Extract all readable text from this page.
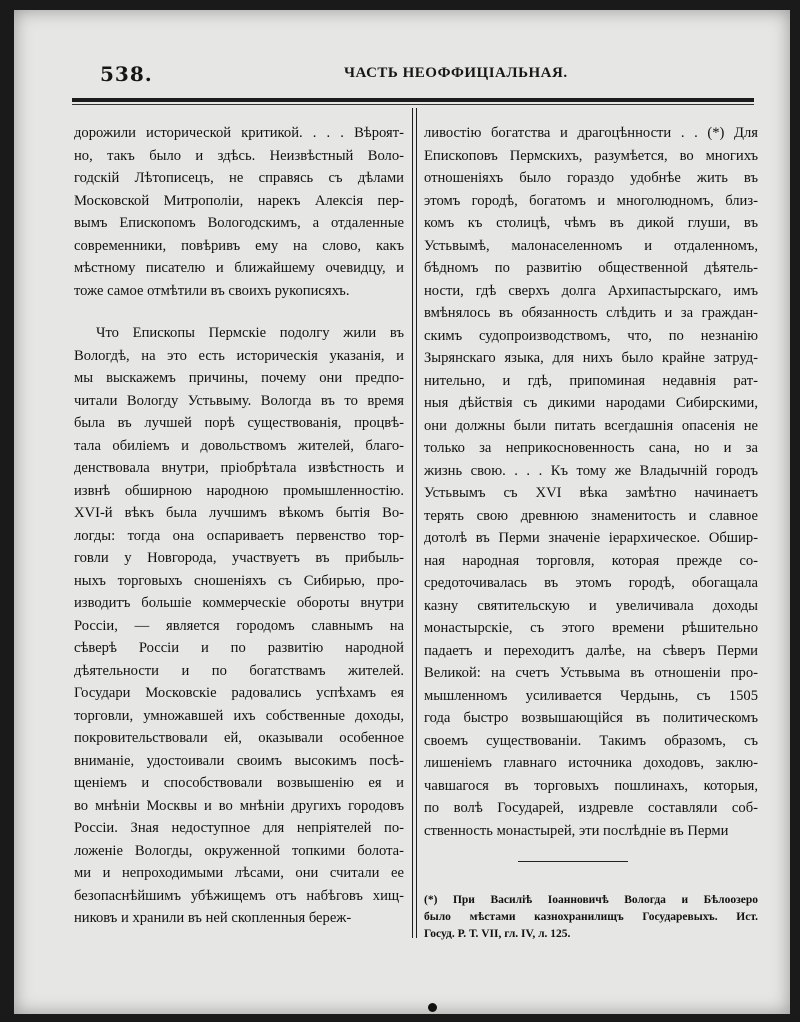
538.	ЧАСТЬ НЕОФФИЦІАЛЬНАЯ.
дорожили исторической критикой. . . . Вѣроят-
но, такъ было и здѣсь. Неизвѣстный Воло-
годскій Лѣтописецъ, не справясь съ дѣлами
Московской Митрополіи, нарекъ Алексія пер-
вымъ Епископомъ Вологодскимъ, а отдаленные
современники, повѣривъ ему на слово, какъ
мѣстному писателю и ближайшему очевидцу, и
тоже самое отмѣтили въ своихъ рукописяхъ.
Что Епископы Пермскіе подолгу жили въ
Вологдѣ, на это есть историческія указанія, и
мы выскажемъ причины, почему они предпо-
читали Вологду Устьвыму. Вологда въ то время
была въ лучшей порѣ существованія, процвѣ-
тала обиліемъ и довольствомъ жителей, благо-
денствовала внутри, пріобрѣтала извѣстность и
извнѣ обширною народною промышленностію.
XVI-й вѣкъ была лучшимъ вѣкомъ бытія Во-
логды: тогда она оспариваетъ первенство тор-
говли у Новгорода, участвуетъ въ прибыль-
ныхъ торговыхъ сношеніяхъ съ Сибирью, про-
изводитъ большіе коммерческіе обороты внутри
Россіи, — является городомъ славнымъ на
сѣверѣ Россіи и по развитію народной
дѣятельности и по богатствамъ жителей.
Государи Московскіе радовались успѣхамъ ея
торговли, умножавшей ихъ собственные доходы,
покровительствовали ей, оказывали особенное
вниманіе, удостоивали своимъ высокимъ посѣ-
щеніемъ и способствовали возвышенію ея и
во мнѣніи Москвы и во мнѣніи другихъ городовъ
Россіи. Зная недоступное для непріятелей по-
ложеніе Вологды, окруженной топкими болота-
ми и непроходимыми лѣсами, они считали ее
безопаснѣйшимъ убѣжищемъ отъ набѣговъ хищ-
никовъ и хранили въ ней скопленныя береж-
ливостію богатства и драгоцѣнности . . (*) Для
Епископовъ Пермскихъ, разумѣется, во многихъ
отношеніяхъ было гораздо удобнѣе жить въ
этомъ городѣ, богатомъ и многолюдномъ, близ-
комъ къ столицѣ, чѣмъ въ дикой глуши, въ
Устьвымѣ, малонаселенномъ и отдаленномъ,
бѣдномъ по развитію общественной дѣятель-
ности, гдѣ сверхъ долга Архипастырскаго, имъ
вмѣнялось въ обязанность слѣдить и за граждан-
скимъ судопроизводствомъ, что, по незнанію
Зырянскаго языка, для нихъ было крайне затруд-
нительно, и гдѣ, припоминая недавнія рат-
ныя дѣйствія съ дикими народами Сибирскими,
они должны были питать всегдашнія опасенія не
только за неприкосновенность сана, но и за
жизнь свою. . . . Къ тому же Владычній городъ
Устьвымъ съ XVI вѣка замѣтно начинаетъ
терять свою древнюю знаменитость и славное
дотолѣ въ Перми значеніе іерархическое. Обшир-
ная народная торговля, которая прежде со-
средоточивалась въ этомъ городѣ, обогащала
казну святительскую и увеличивала доходы
монастырскіе, съ этого времени рѣшительно
падаетъ и переходитъ далѣе, на сѣверъ Перми
Великой: на счетъ Устьвыма въ отношеніи про-
мышленномъ усиливается Чердынь, съ 1505
года быстро возвышающійся въ политическомъ
своемъ существованіи. Такимъ образомъ, съ
лишеніемъ главнаго источника доходовъ, заклю-
чавшагося въ торговыхъ пошлинахъ, которыя,
по волѣ Государей, издревле составляли соб-
ственность монастырей, эти послѣдніе въ Перми
(*) При Василіѣ Іоанновичѣ Вологда и Бѣлоозеро
было мѣстами казнохранилищъ Государевыхъ. Ист.
Госуд. Р. Т. VII, гл. IV, л. 125.
